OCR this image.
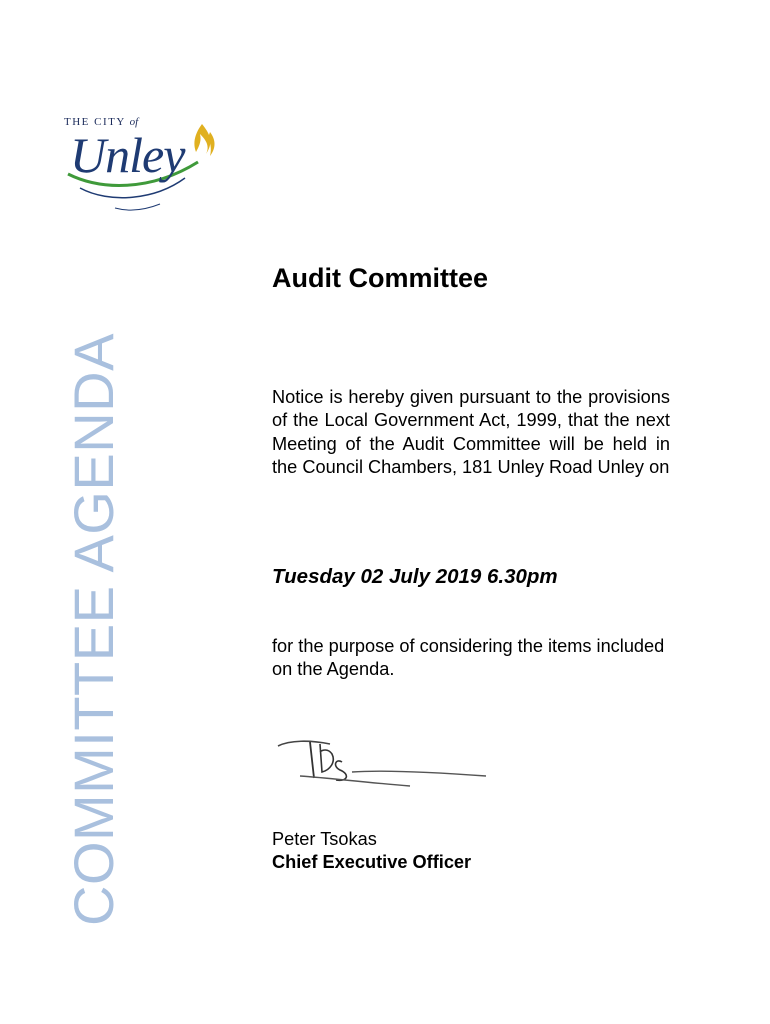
THE CITY of
Unley
COMMITTEE AGENDA
Audit Committee

Notice is hereby given pursuant to the provisions of the Local Government Act, 1999, that the next Meeting of the Audit Committee will be held in the Council Chambers, 181 Unley Road Unley on

Tuesday 02 July 2019 6.30pm

for the purpose of considering the items included on the Agenda.

Peter Tsokas

Chief Executive Officer
